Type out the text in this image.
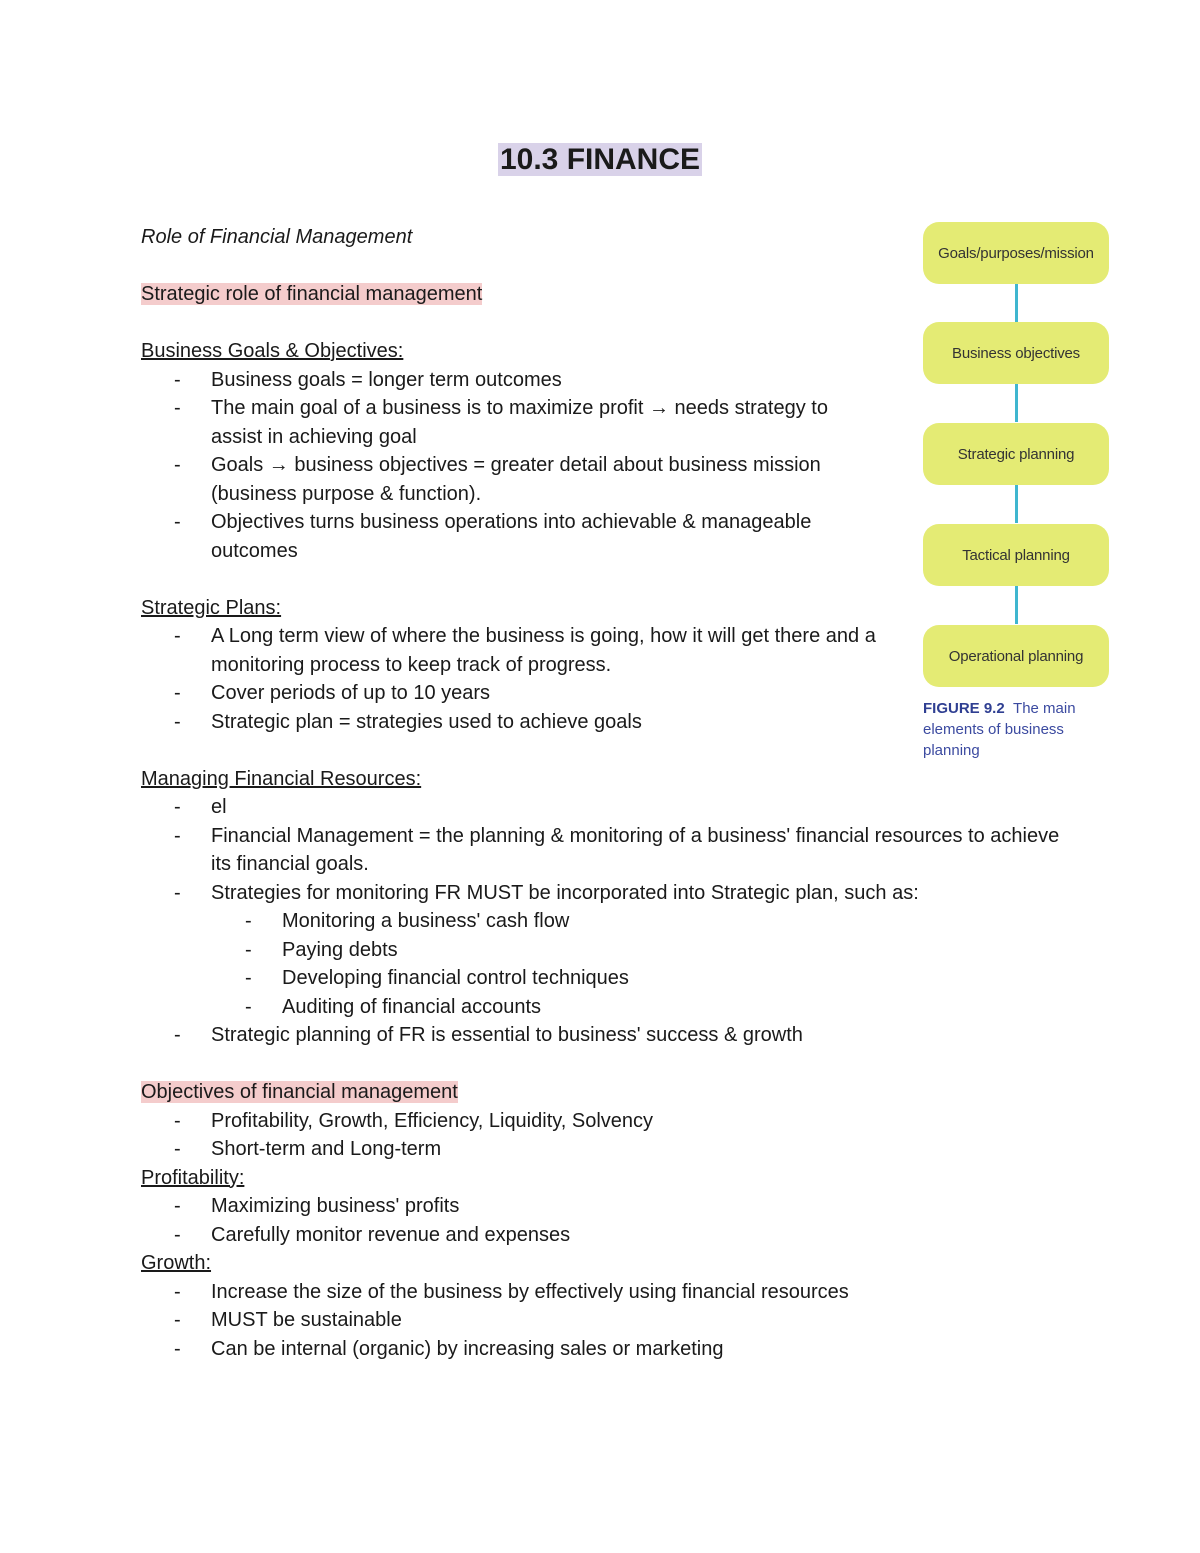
10.3 FINANCE

Role of Financial Management

Strategic role of financial management

Business Goals & Objectives:

- Business goals = longer term outcomes
- The main goal of a business is to maximize profit → needs strategy to assist in achieving goal
- Goals → business objectives = greater detail about business mission (business purpose & function).
- Objectives turns business operations into achievable & manageable outcomes

Strategic Plans:

- A Long term view of where the business is going, how it will get there and a monitoring process to keep track of progress.
- Cover periods of up to 10 years
- Strategic plan = strategies used to achieve goals

Managing Financial Resources:

- el
- Financial Management = the planning & monitoring of a business' financial resources to achieve its financial goals.
- Strategies for monitoring FR MUST be incorporated into Strategic plan, such as:
- Monitoring a business' cash flow
- Paying debts
- Developing financial control techniques
- Auditing of financial accounts
- Strategic planning of FR is essential to business' success & growth

Objectives of financial management

- Profitability, Growth, Efficiency, Liquidity, Solvency
- Short-term and Long-term

Profitability:

- Maximizing business' profits
- Carefully monitor revenue and expenses

Growth:

- Increase the size of the business by effectively using financial resources
- MUST be sustainable
- Can be internal (organic) by increasing sales or marketing
Goals/purposes/mission
Business objectives
Strategic planning
Tactical planning
Operational planning
FIGURE 9.2 The main elements of business planning
